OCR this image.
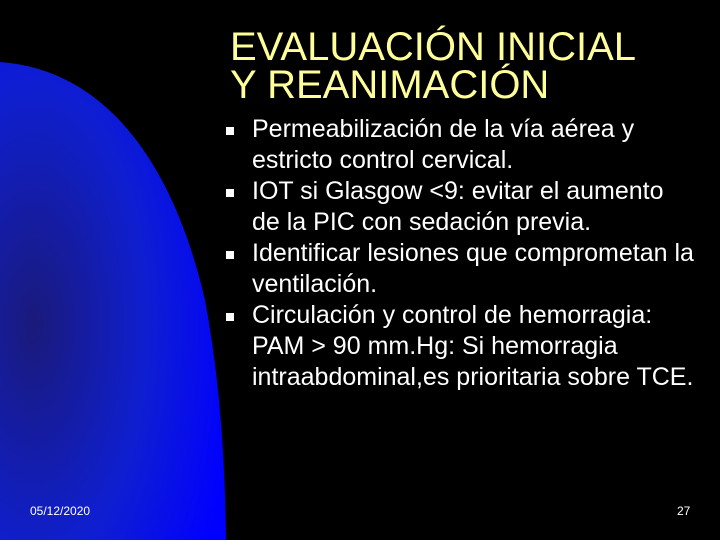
EVALUACIÓN INICIAL
Y REANIMACIÓN
Permeabilización de la vía aérea y estricto control cervical.
IOT si Glasgow <9: evitar el aumento de la PIC con sedación previa.
Identificar lesiones que comprometan la ventilación.
Circulación y control de hemorragia: PAM > 90 mm.Hg: Si hemorragia intraabdominal,es prioritaria sobre TCE.
05/12/2020	27
